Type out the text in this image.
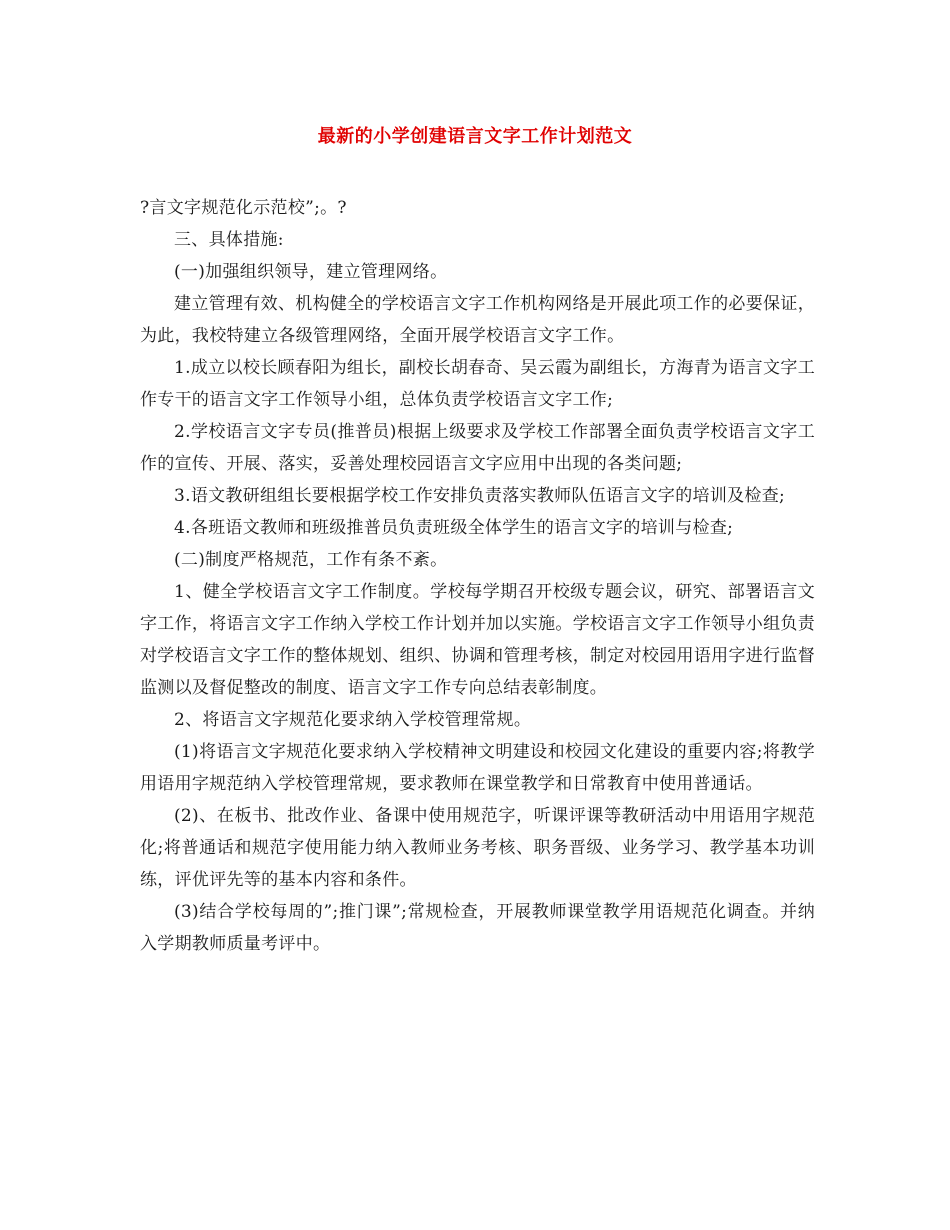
最新的小学创建语言文字工作计划范文

?言文字规范化示范校”;。?

三、具体措施:

(一)加强组织领导，建立管理网络。

建立管理有效、机构健全的学校语言文字工作机构网络是开展此项工作的必要保证，为此，我校特建立各级管理网络，全面开展学校语言文字工作。

1.成立以校长顾春阳为组长，副校长胡春奇、吴云霞为副组长，方海青为语言文字工作专干的语言文字工作领导小组，总体负责学校语言文字工作;

2.学校语言文字专员(推普员)根据上级要求及学校工作部署全面负责学校语言文字工作的宣传、开展、落实，妥善处理校园语言文字应用中出现的各类问题;

3.语文教研组组长要根据学校工作安排负责落实教师队伍语言文字的培训及检查;

4.各班语文教师和班级推普员负责班级全体学生的语言文字的培训与检查;

(二)制度严格规范，工作有条不紊。

1、健全学校语言文字工作制度。学校每学期召开校级专题会议，研究、部署语言文字工作，将语言文字工作纳入学校工作计划并加以实施。学校语言文字工作领导小组负责对学校语言文字工作的整体规划、组织、协调和管理考核，制定对校园用语用字进行监督监测以及督促整改的制度、语言文字工作专向总结表彰制度。

2、将语言文字规范化要求纳入学校管理常规。

(1)将语言文字规范化要求纳入学校精神文明建设和校园文化建设的重要内容;将教学用语用字规范纳入学校管理常规，要求教师在课堂教学和日常教育中使用普通话。

(2)、在板书、批改作业、备课中使用规范字，听课评课等教研活动中用语用字规范化;将普通话和规范字使用能力纳入教师业务考核、职务晋级、业务学习、教学基本功训练，评优评先等的基本内容和条件。

(3)结合学校每周的”;推门课”;常规检查，开展教师课堂教学用语规范化调查。并纳入学期教师质量考评中。
